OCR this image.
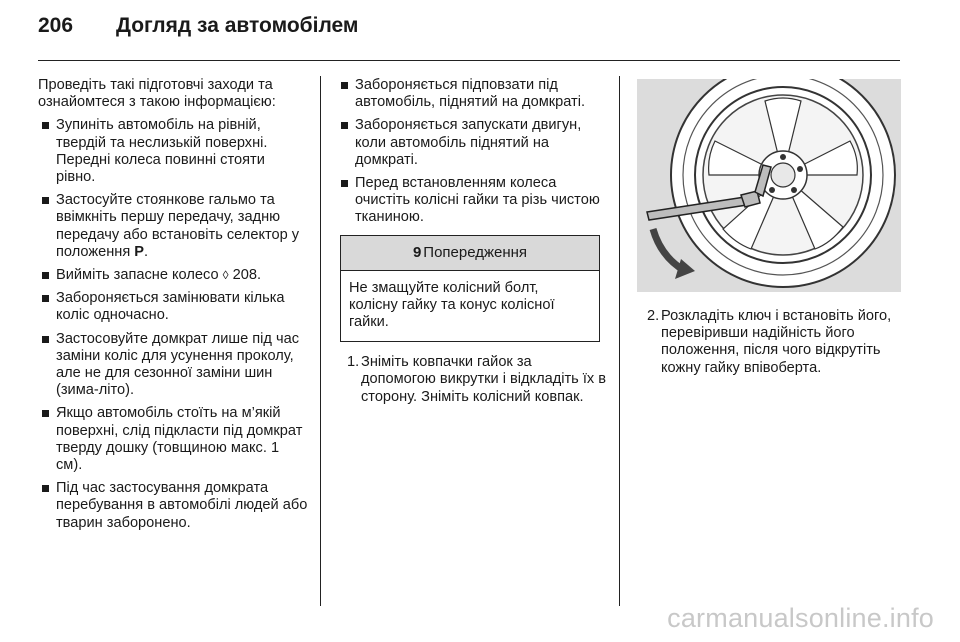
206	Догляд за автомобілем

Проведіть такі підготовчі заходи та ознайомтеся з такою інформацією:

Зупиніть автомобіль на рівній, твердій та неслизькій поверхні. Передні колеса повинні стояти рівно.
Застосуйте стоянкове гальмо та ввімкніть першу передачу, задню передачу або встановіть селектор у положення P.
Вийміть запасне колесо ◊ 208.
Забороняється замінювати кілька коліс одночасно.
Застосовуйте домкрат лише під час заміни коліс для усунення проколу, але не для сезонної заміни шин (зима-літо).
Якщо автомобіль стоїть на м’якій поверхні, слід підкласти під домкрат тверду дошку (товщиною макс. 1 см).
Під час застосування домкрата перебування в автомобілі людей або тварин заборонено.
Забороняється підповзати під автомобіль, піднятий на домкраті.
Забороняється запускати двигун, коли автомобіль піднятий на домкраті.
Перед встановленням колеса очистіть колісні гайки та різь чистою тканиною.
9 Попередження
Не змащуйте колісний болт, колісну гайку та конус колісної гайки.
1. Зніміть ковпачки гайок за допомогою викрутки і відкладіть їх в сторону. Зніміть колісний ковпак.
2. Розкладіть ключ і встановіть його, перевіривши надійність його положення, після чого відкрутіть кожну гайку впівоберта.
carmanualsonline.info
